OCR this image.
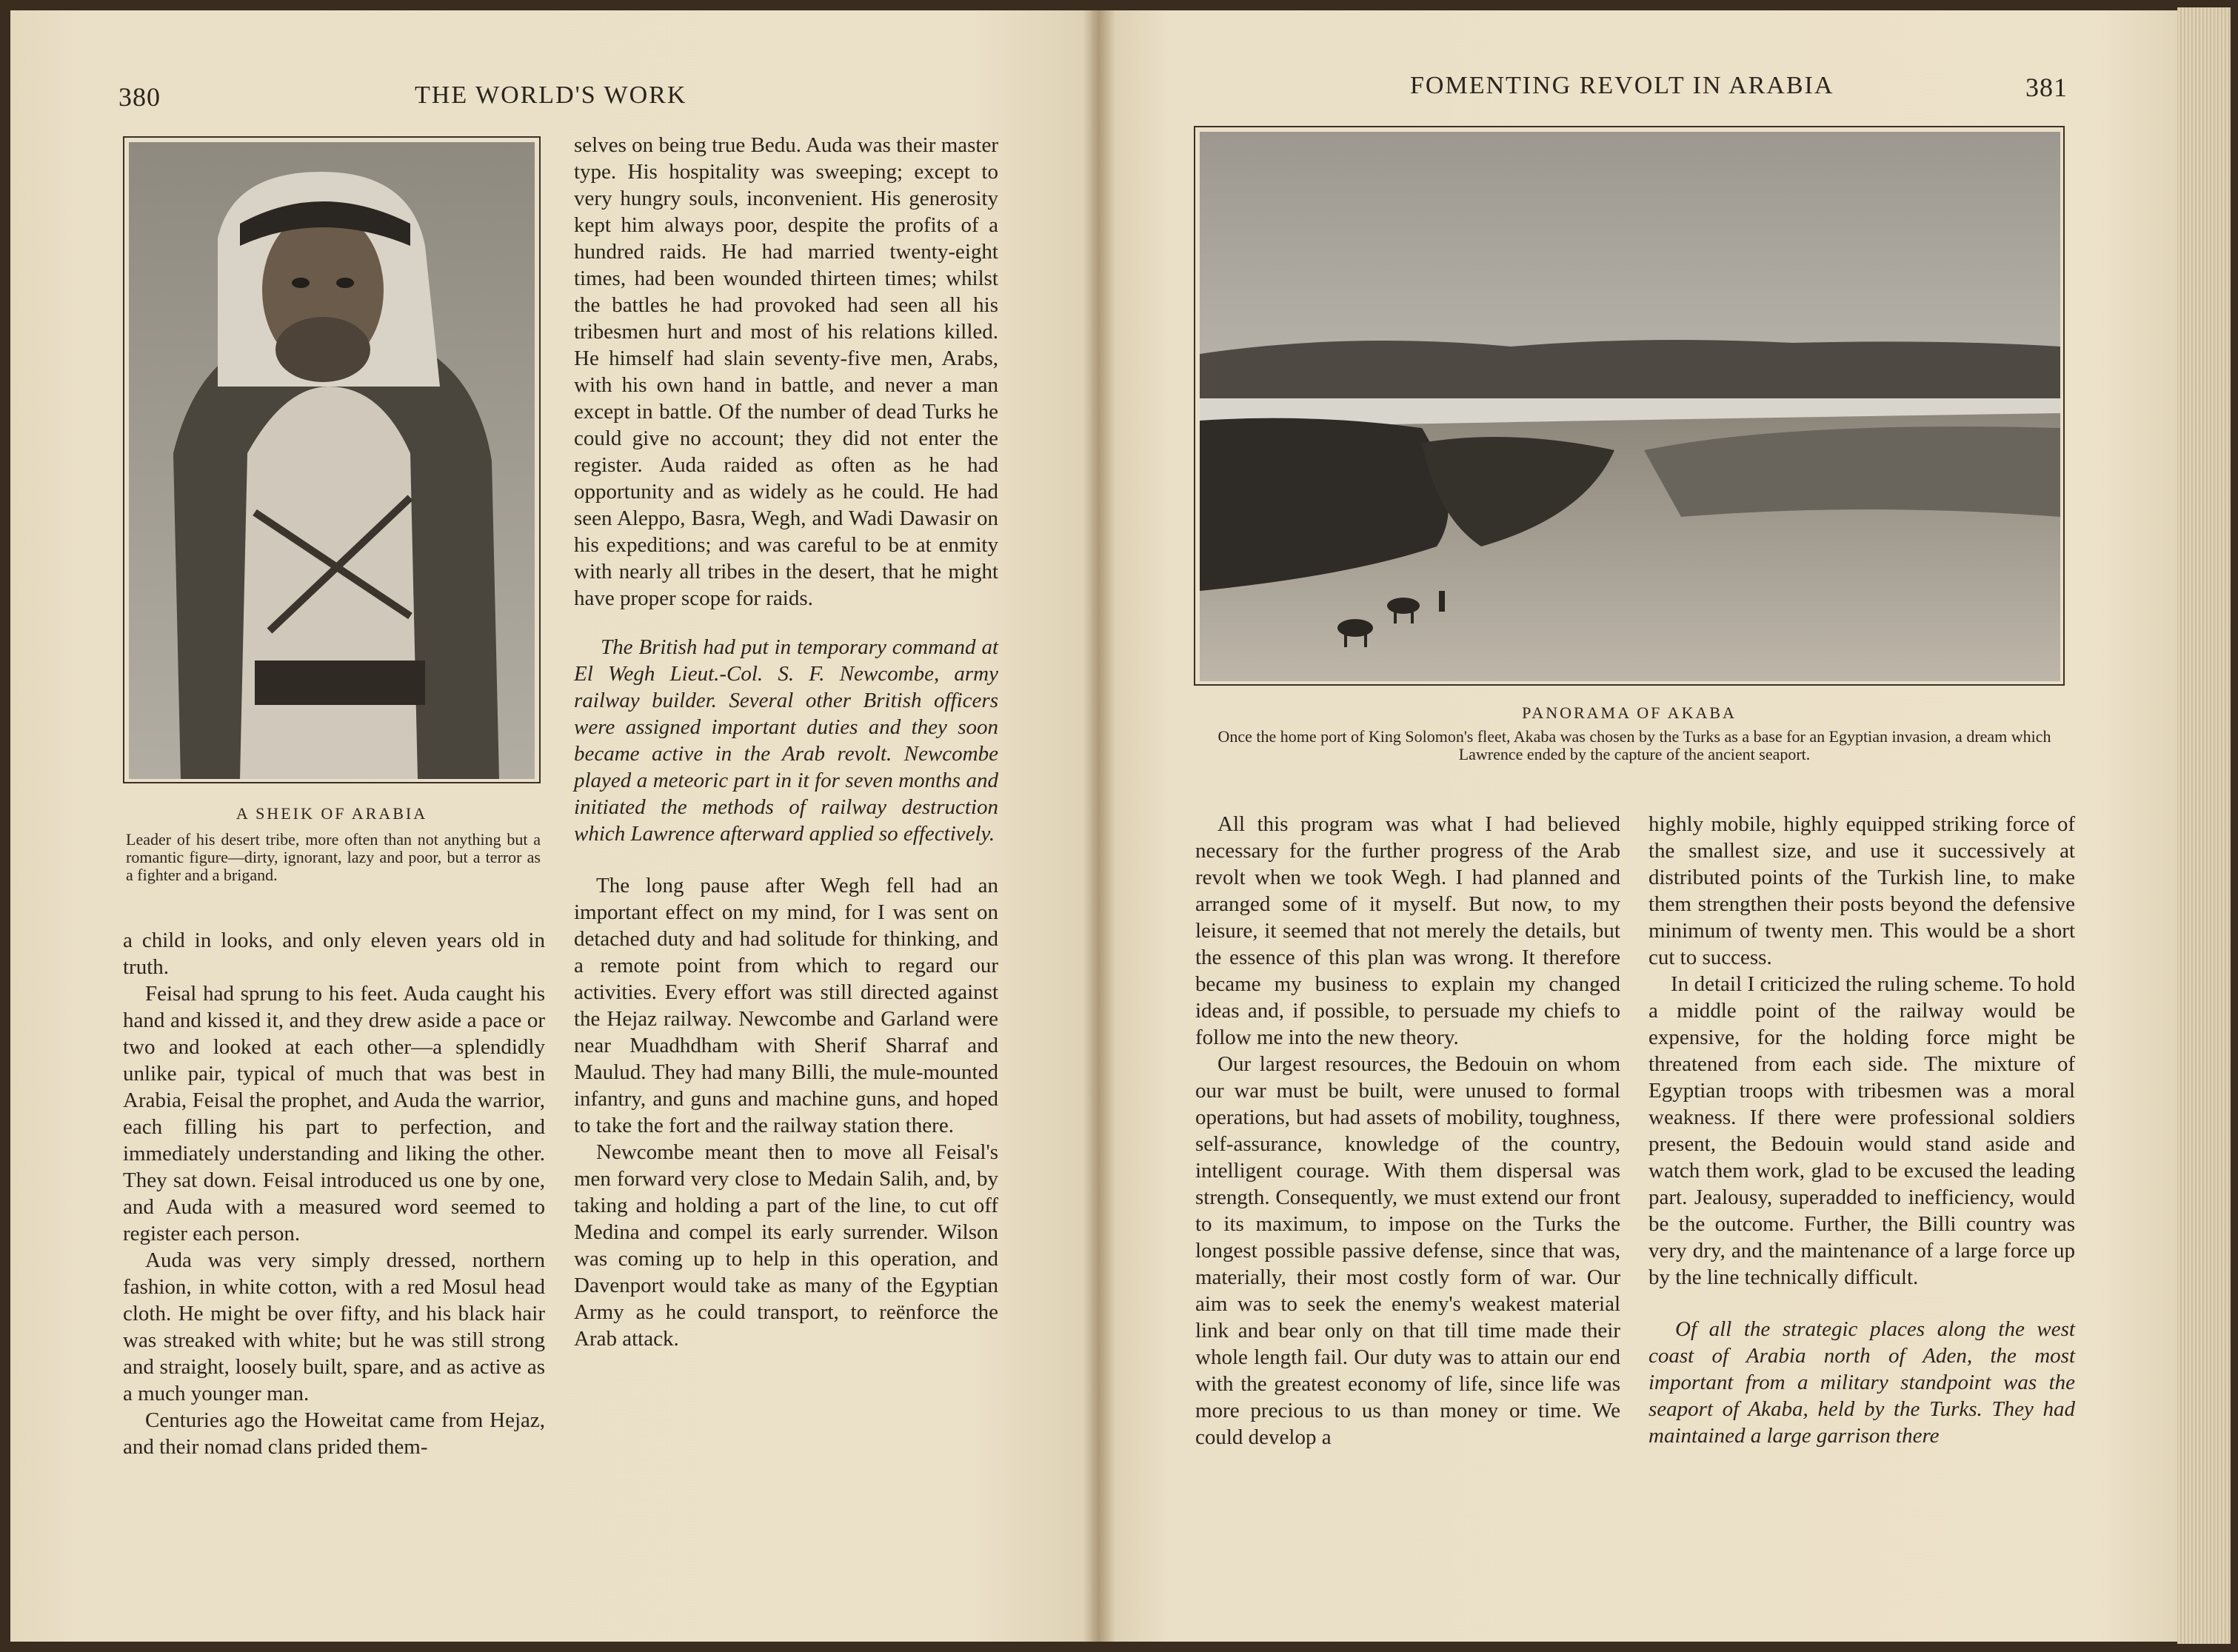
380	THE WORLD'S WORK
A SHEIK OF ARABIA
Leader of his desert tribe, more often than not anything but a romantic figure—dirty, ignorant, lazy and poor, but a terror as a fighter and a brigand.

a child in looks, and only eleven years old in truth.

Feisal had sprung to his feet. Auda caught his hand and kissed it, and they drew aside a pace or two and looked at each other—a splendidly unlike pair, typical of much that was best in Arabia, Feisal the prophet, and Auda the warrior, each filling his part to perfection, and immediately understanding and liking the other. They sat down. Feisal introduced us one by one, and Auda with a measured word seemed to register each person.

Auda was very simply dressed, northern fashion, in white cotton, with a red Mosul head cloth. He might be over fifty, and his black hair was streaked with white; but he was still strong and straight, loosely built, spare, and as active as a much younger man.

Centuries ago the Howeitat came from Hejaz, and their nomad clans prided them-

selves on being true Bedu. Auda was their master type. His hospitality was sweeping; except to very hungry souls, inconvenient. His generosity kept him always poor, despite the profits of a hundred raids. He had married twenty-eight times, had been wounded thirteen times; whilst the battles he had provoked had seen all his tribesmen hurt and most of his relations killed. He himself had slain seventy-five men, Arabs, with his own hand in battle, and never a man except in battle. Of the number of dead Turks he could give no account; they did not enter the register. Auda raided as often as he had opportunity and as widely as he could. He had seen Aleppo, Basra, Wegh, and Wadi Dawasir on his expeditions; and was careful to be at enmity with nearly all tribes in the desert, that he might have proper scope for raids.

The British had put in temporary command at El Wegh Lieut.-Col. S. F. Newcombe, army railway builder. Several other British officers were assigned important duties and they soon became active in the Arab revolt. Newcombe played a meteoric part in it for seven months and initiated the methods of railway destruction which Lawrence afterward applied so effectively.

The long pause after Wegh fell had an important effect on my mind, for I was sent on detached duty and had solitude for thinking, and a remote point from which to regard our activities. Every effort was still directed against the Hejaz railway. Newcombe and Garland were near Muadhdham with Sherif Sharraf and Maulud. They had many Billi, the mule-mounted infantry, and guns and machine guns, and hoped to take the fort and the railway station there.

Newcombe meant then to move all Feisal's men forward very close to Medain Salih, and, by taking and holding a part of the line, to cut off Medina and compel its early surrender. Wilson was coming up to help in this operation, and Davenport would take as many of the Egyptian Army as he could transport, to reënforce the Arab attack.

FOMENTING REVOLT IN ARABIA	381
PANORAMA OF AKABA
Once the home port of King Solomon's fleet, Akaba was chosen by the Turks as a base for an Egyptian invasion, a dream which Lawrence ended by the capture of the ancient seaport.

All this program was what I had believed necessary for the further progress of the Arab revolt when we took Wegh. I had planned and arranged some of it myself. But now, to my leisure, it seemed that not merely the details, but the essence of this plan was wrong. It therefore became my business to explain my changed ideas and, if possible, to persuade my chiefs to follow me into the new theory.

Our largest resources, the Bedouin on whom our war must be built, were unused to formal operations, but had assets of mobility, toughness, self-assurance, knowledge of the country, intelligent courage. With them dispersal was strength. Consequently, we must extend our front to its maximum, to impose on the Turks the longest possible passive defense, since that was, materially, their most costly form of war. Our aim was to seek the enemy's weakest material link and bear only on that till time made their whole length fail. Our duty was to attain our end with the greatest economy of life, since life was more precious to us than money or time. We could develop a

highly mobile, highly equipped striking force of the smallest size, and use it successively at distributed points of the Turkish line, to make them strengthen their posts beyond the defensive minimum of twenty men. This would be a short cut to success.

In detail I criticized the ruling scheme. To hold a middle point of the railway would be expensive, for the holding force might be threatened from each side. The mixture of Egyptian troops with tribesmen was a moral weakness. If there were professional soldiers present, the Bedouin would stand aside and watch them work, glad to be excused the leading part. Jealousy, superadded to inefficiency, would be the outcome. Further, the Billi country was very dry, and the maintenance of a large force up by the line technically difficult.

Of all the strategic places along the west coast of Arabia north of Aden, the most important from a military standpoint was the seaport of Akaba, held by the Turks. They had maintained a large garrison there
